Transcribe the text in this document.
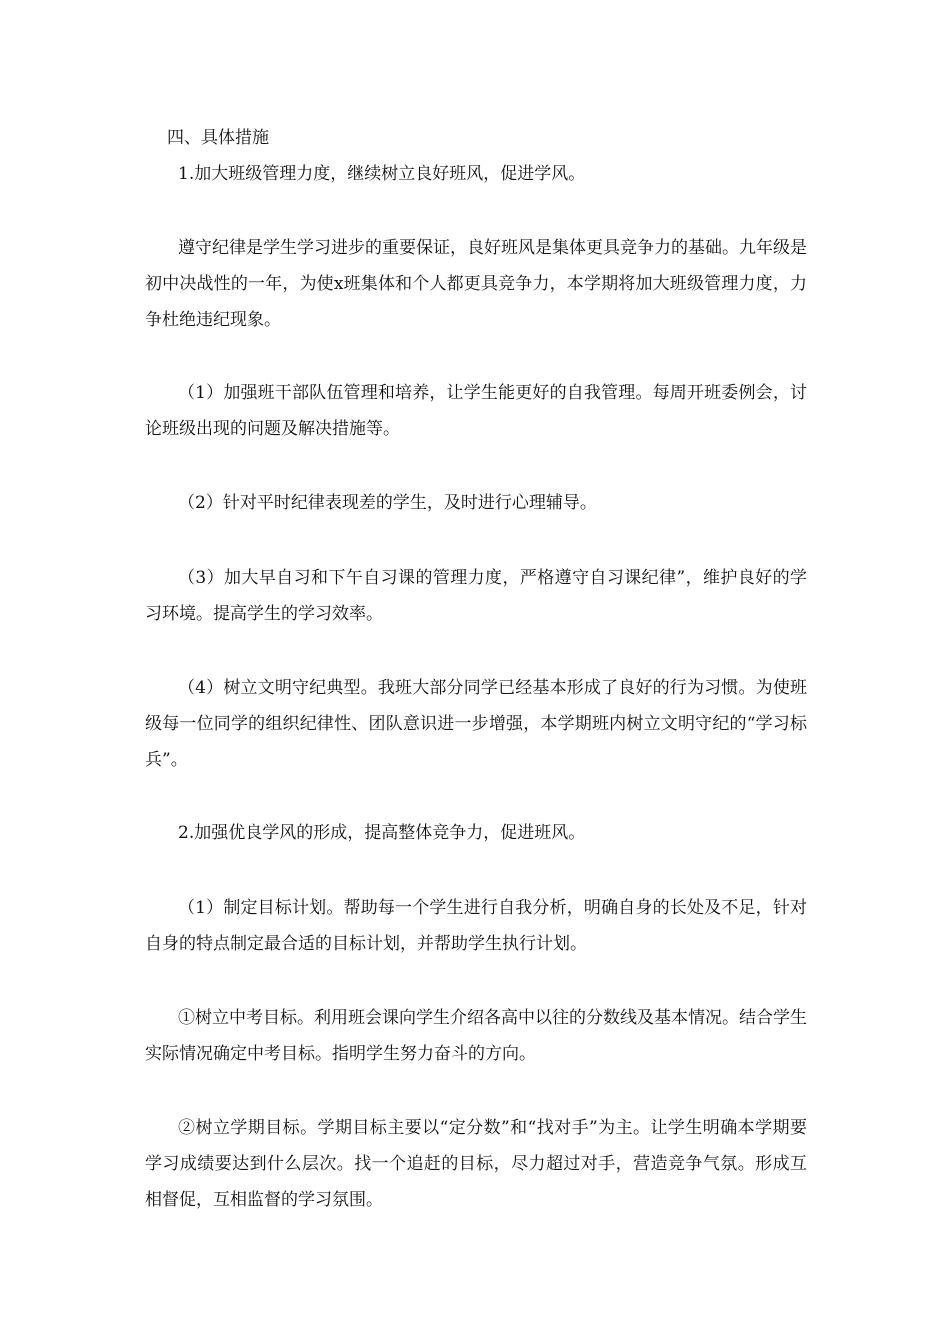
四、具体措施
1.加大班级管理力度，继续树立良好班风，促进学风。
遵守纪律是学生学习进步的重要保证，良好班风是集体更具竞争力的基础。九年级是初中决战性的一年，为使x班集体和个人都更具竞争力，本学期将加大班级管理力度，力争杜绝违纪现象。
（1）加强班干部队伍管理和培养，让学生能更好的自我管理。每周开班委例会，讨论班级出现的问题及解决措施等。
（2）针对平时纪律表现差的学生，及时进行心理辅导。
（3）加大早自习和下午自习课的管理力度，严格遵守自习课纪律”，维护良好的学习环境。提高学生的学习效率。
（4）树立文明守纪典型。我班大部分同学已经基本形成了良好的行为习惯。为使班级每一位同学的组织纪律性、团队意识进一步增强，本学期班内树立文明守纪的“学习标兵”。
2.加强优良学风的形成，提高整体竞争力，促进班风。
（1）制定目标计划。帮助每一个学生进行自我分析，明确自身的长处及不足，针对自身的特点制定最合适的目标计划，并帮助学生执行计划。
①树立中考目标。利用班会课向学生介绍各高中以往的分数线及基本情况。结合学生实际情况确定中考目标。指明学生努力奋斗的方向。
②树立学期目标。学期目标主要以“定分数”和“找对手”为主。让学生明确本学期要学习成绩要达到什么层次。找一个追赶的目标，尽力超过对手，营造竞争气氛。形成互相督促，互相监督的学习氛围。
